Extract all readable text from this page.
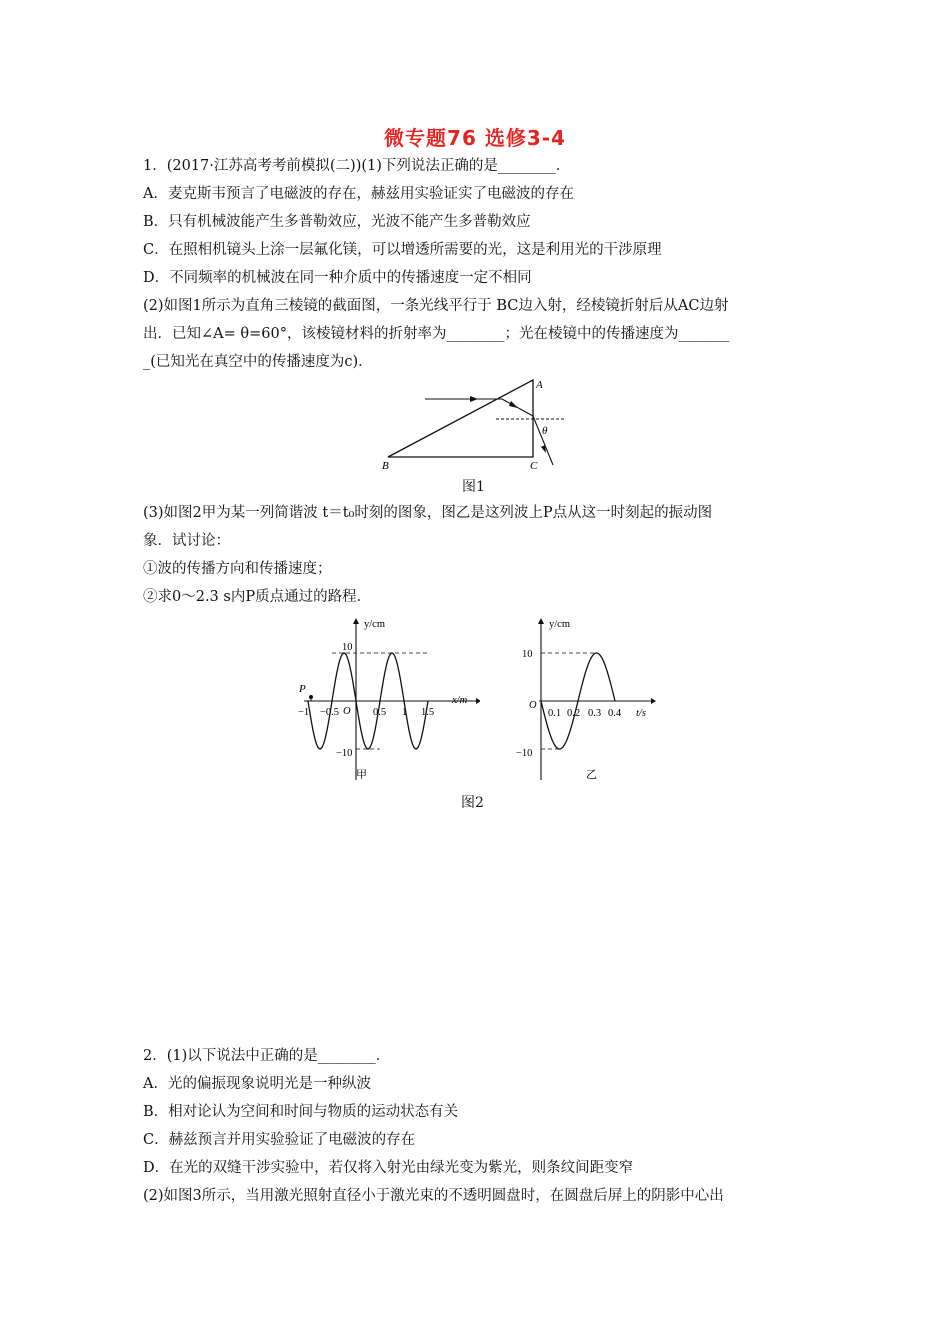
微专题76 选修3-4
1．(2017·江苏高考考前模拟(二))(1)下列说法正确的是________．
A．麦克斯韦预言了电磁波的存在，赫兹用实验证实了电磁波的存在
B．只有机械波能产生多普勒效应，光波不能产生多普勒效应
C．在照相机镜头上涂一层氟化镁，可以增透所需要的光，这是利用光的干涉原理
D．不同频率的机械波在同一种介质中的传播速度一定不相同
(2)如图1所示为直角三棱镜的截面图，一条光线平行于 BC边入射，经棱镜折射后从AC边射
出．已知∠A= θ=60°，该棱镜材料的折射率为________；光在棱镜中的传播速度为_______
_(已知光在真空中的传播速度为c)．
A
B	C
θ
图1
(3)如图2甲为某一列简谐波 t＝t₀时刻的图象，图乙是这列波上P点从这一时刻起的振动图
象．试讨论：
①波的传播方向和传播速度；
②求0～2.3 s内P质点通过的路程．
P
y/cm
x/m
10
−10
O
−1 −0.5	0.5 1 1.5
甲
y/cm
t/s
10
−10
O
0.1 0.2 0.3 0.4
乙
图2
2．(1)以下说法中正确的是________．
A．光的偏振现象说明光是一种纵波
B．相对论认为空间和时间与物质的运动状态有关
C．赫兹预言并用实验验证了电磁波的存在
D．在光的双缝干涉实验中，若仅将入射光由绿光变为紫光，则条纹间距变窄
(2)如图3所示，当用激光照射直径小于激光束的不透明圆盘时，在圆盘后屏上的阴影中心出
